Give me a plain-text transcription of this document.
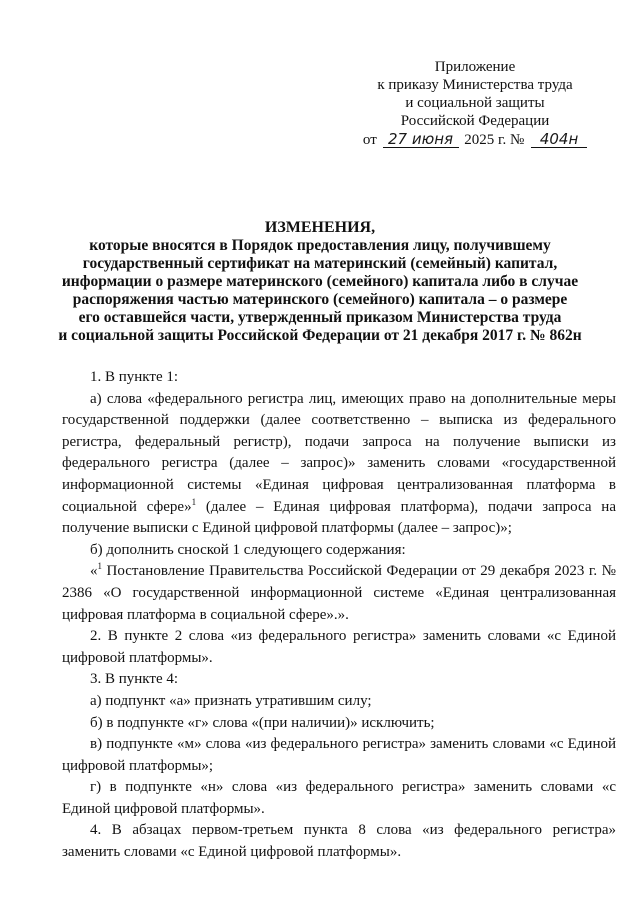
Приложение
к приказу Министерства труда
и социальной защиты
Российской Федерации
от 27 июня 2025 г. № 404н
ИЗМЕНЕНИЯ,
которые вносятся в Порядок предоставления лицу, получившему
государственный сертификат на материнский (семейный) капитал,
информации о размере материнского (семейного) капитала либо в случае
распоряжения частью материнского (семейного) капитала – о размере
его оставшейся части, утвержденный приказом Министерства труда
и социальной защиты Российской Федерации от 21 декабря 2017 г. № 862н

1. В пункте 1:

а) слова «федерального регистра лиц, имеющих право на дополнительные меры государственной поддержки (далее соответственно – выписка из федерального регистра, федеральный регистр), подачи запроса на получение выписки из федерального регистра (далее – запрос)» заменить словами «государственной информационной системы «Единая цифровая централизованная платформа в социальной сфере»$^1$ (далее – Единая цифровая платформа), подачи запроса на получение выписки с Единой цифровой платформы (далее – запрос)»;

б) дополнить сноской 1 следующего содержания:

«$^1$ Постановление Правительства Российской Федерации от 29 декабря 2023 г. № 2386 «О государственной информационной системе «Единая централизованная цифровая платформа в социальной сфере».».

2. В пункте 2 слова «из федерального регистра» заменить словами «с Единой цифровой платформы».

3. В пункте 4:

а) подпункт «а» признать утратившим силу;

б) в подпункте «г» слова «(при наличии)» исключить;

в) подпункте «м» слова «из федерального регистра» заменить словами «с Единой цифровой платформы»;

г) в подпункте «н» слова «из федерального регистра» заменить словами «с Единой цифровой платформы».

4. В абзацах первом-третьем пункта 8 слова «из федерального регистра» заменить словами «с Единой цифровой платформы».
